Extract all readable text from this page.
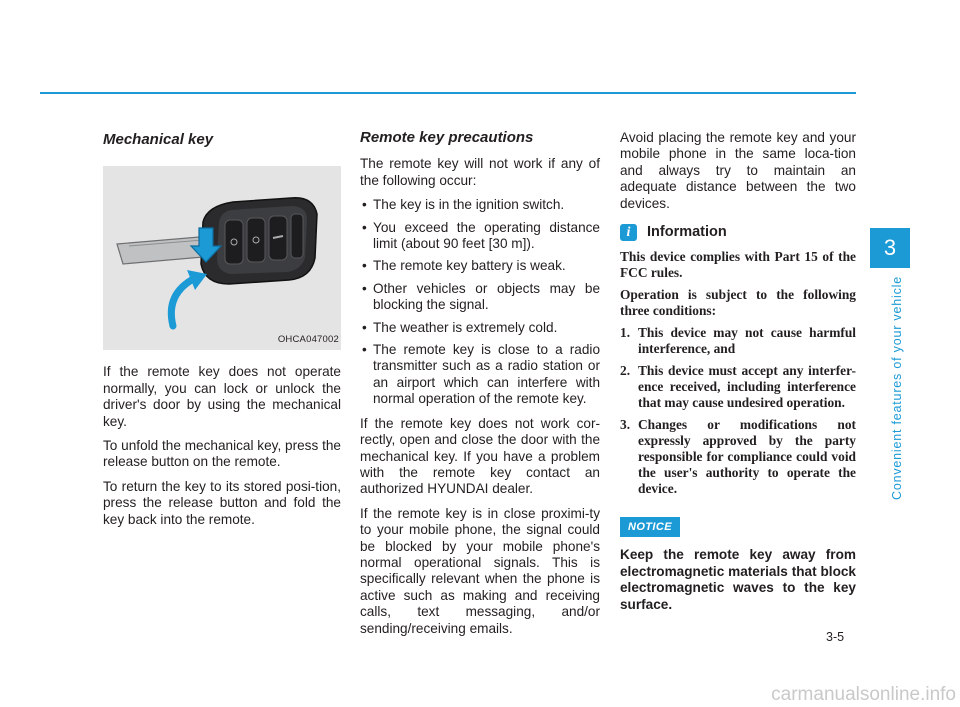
Mechanical key
OHCA047002

If the remote key does not operate normally, you can lock or unlock the driver's door by using the mechanical key.

To unfold the mechanical key, press the release button on the remote.

To return the key to its stored posi-tion, press the release button and fold the key back into the remote.

Remote key precautions

The remote key will not work if any of the following occur:

• The key is in the ignition switch.
• You exceed the operating distance limit (about 90 feet [30 m]).
• The remote key battery is weak.
• Other vehicles or objects may be blocking the signal.
• The weather is extremely cold.
• The remote key is close to a radio transmitter such as a radio station or an airport which can interfere with normal operation of the remote key.

If the remote key does not work cor-rectly, open and close the door with the mechanical key. If you have a problem with the remote key contact an authorized HYUNDAI dealer.

If the remote key is in close proximi-ty to your mobile phone, the signal could be blocked by your mobile phone's normal operational signals. This is specifically relevant when the phone is active such as making and receiving calls, text messaging, and/or sending/receiving emails.

Avoid placing the remote key and your mobile phone in the same loca-tion and always try to maintain an adequate distance between the two devices.

i	Information

This device complies with Part 15 of the FCC rules.

Operation is subject to the following three conditions:

1. This device may not cause harmful interference, and
2. This device must accept any interfer-ence received, including interference that may cause undesired operation.
3. Changes or modifications not expressly approved by the party responsible for compliance could void the user's authority to operate the device.
NOTICE
Keep the remote key away from electromagnetic materials that block electromagnetic waves to the key surface.
3
Convenient features of your vehicle
3-5
carmanualsonline.info
